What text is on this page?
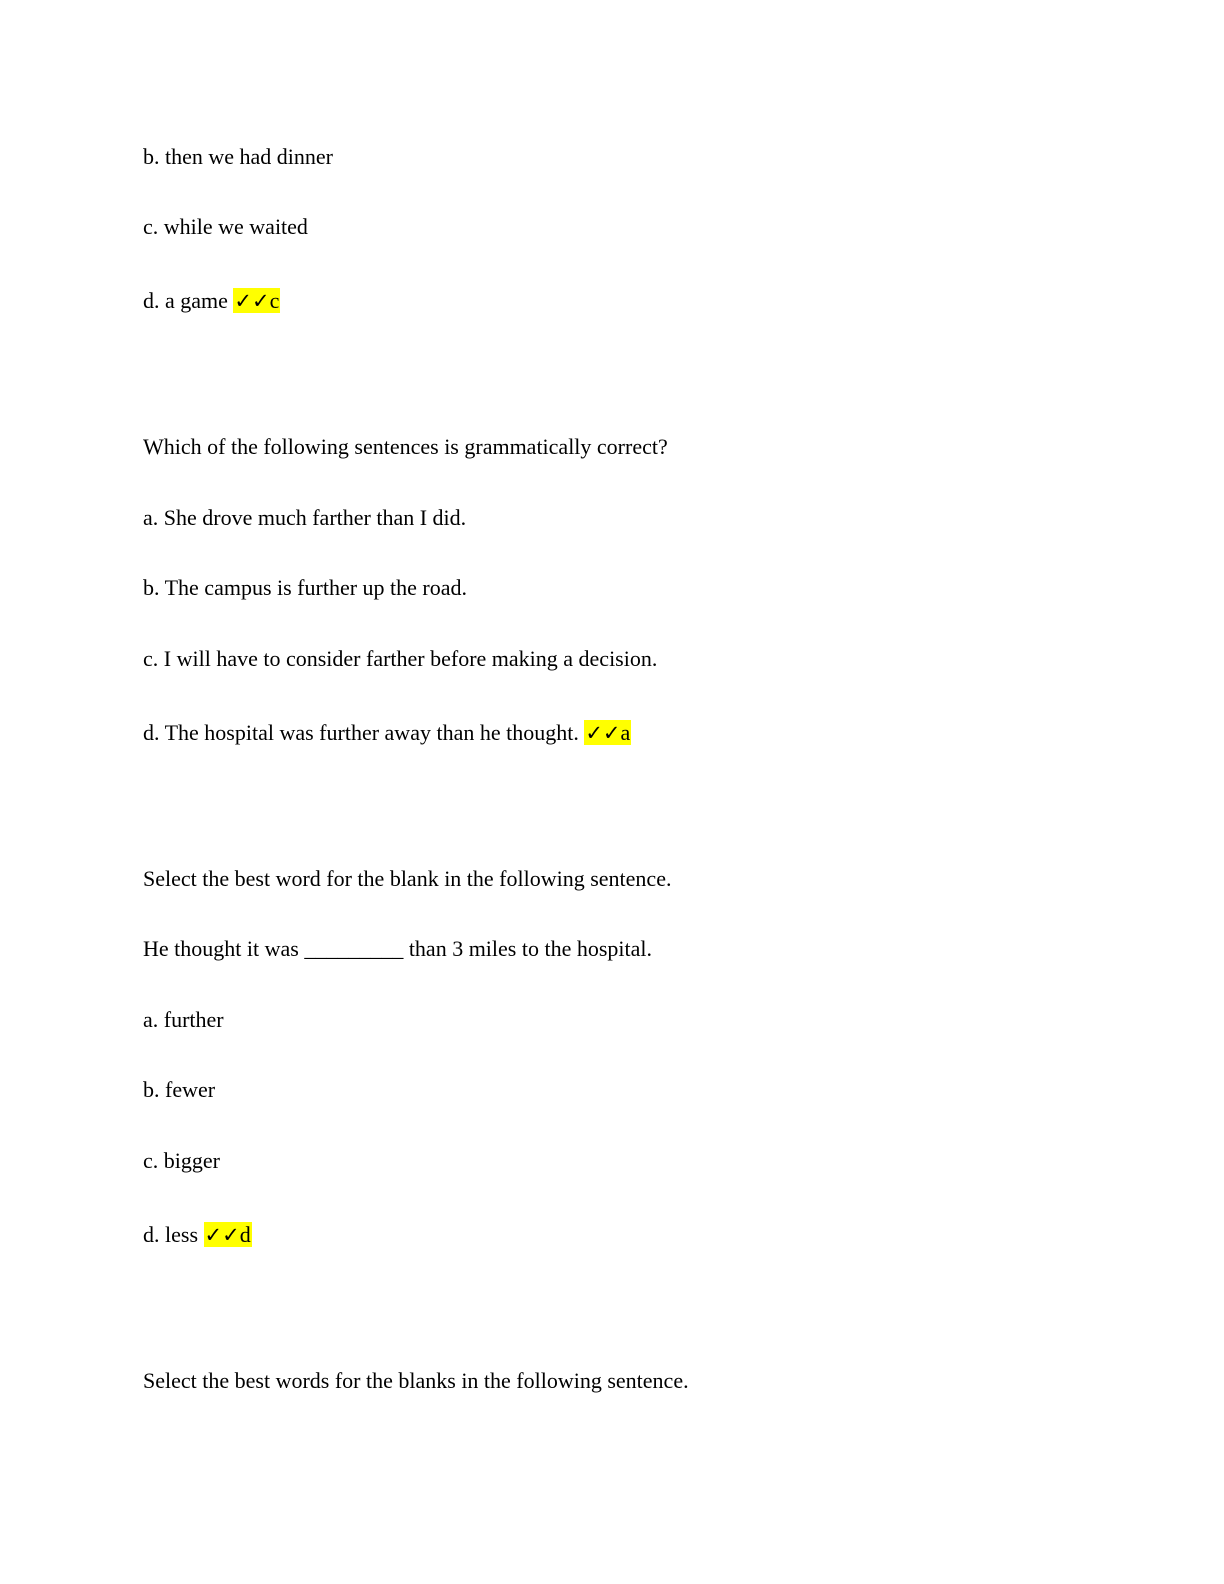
b. then we had dinner
c. while we waited
d. a game ✓✓c
Which of the following sentences is grammatically correct?
a. She drove much farther than I did.
b. The campus is further up the road.
c. I will have to consider farther before making a decision.
d. The hospital was further away than he thought. ✓✓a
Select the best word for the blank in the following sentence.
He thought it was _________ than 3 miles to the hospital.
a. further
b. fewer
c. bigger
d. less ✓✓d
Select the best words for the blanks in the following sentence.
